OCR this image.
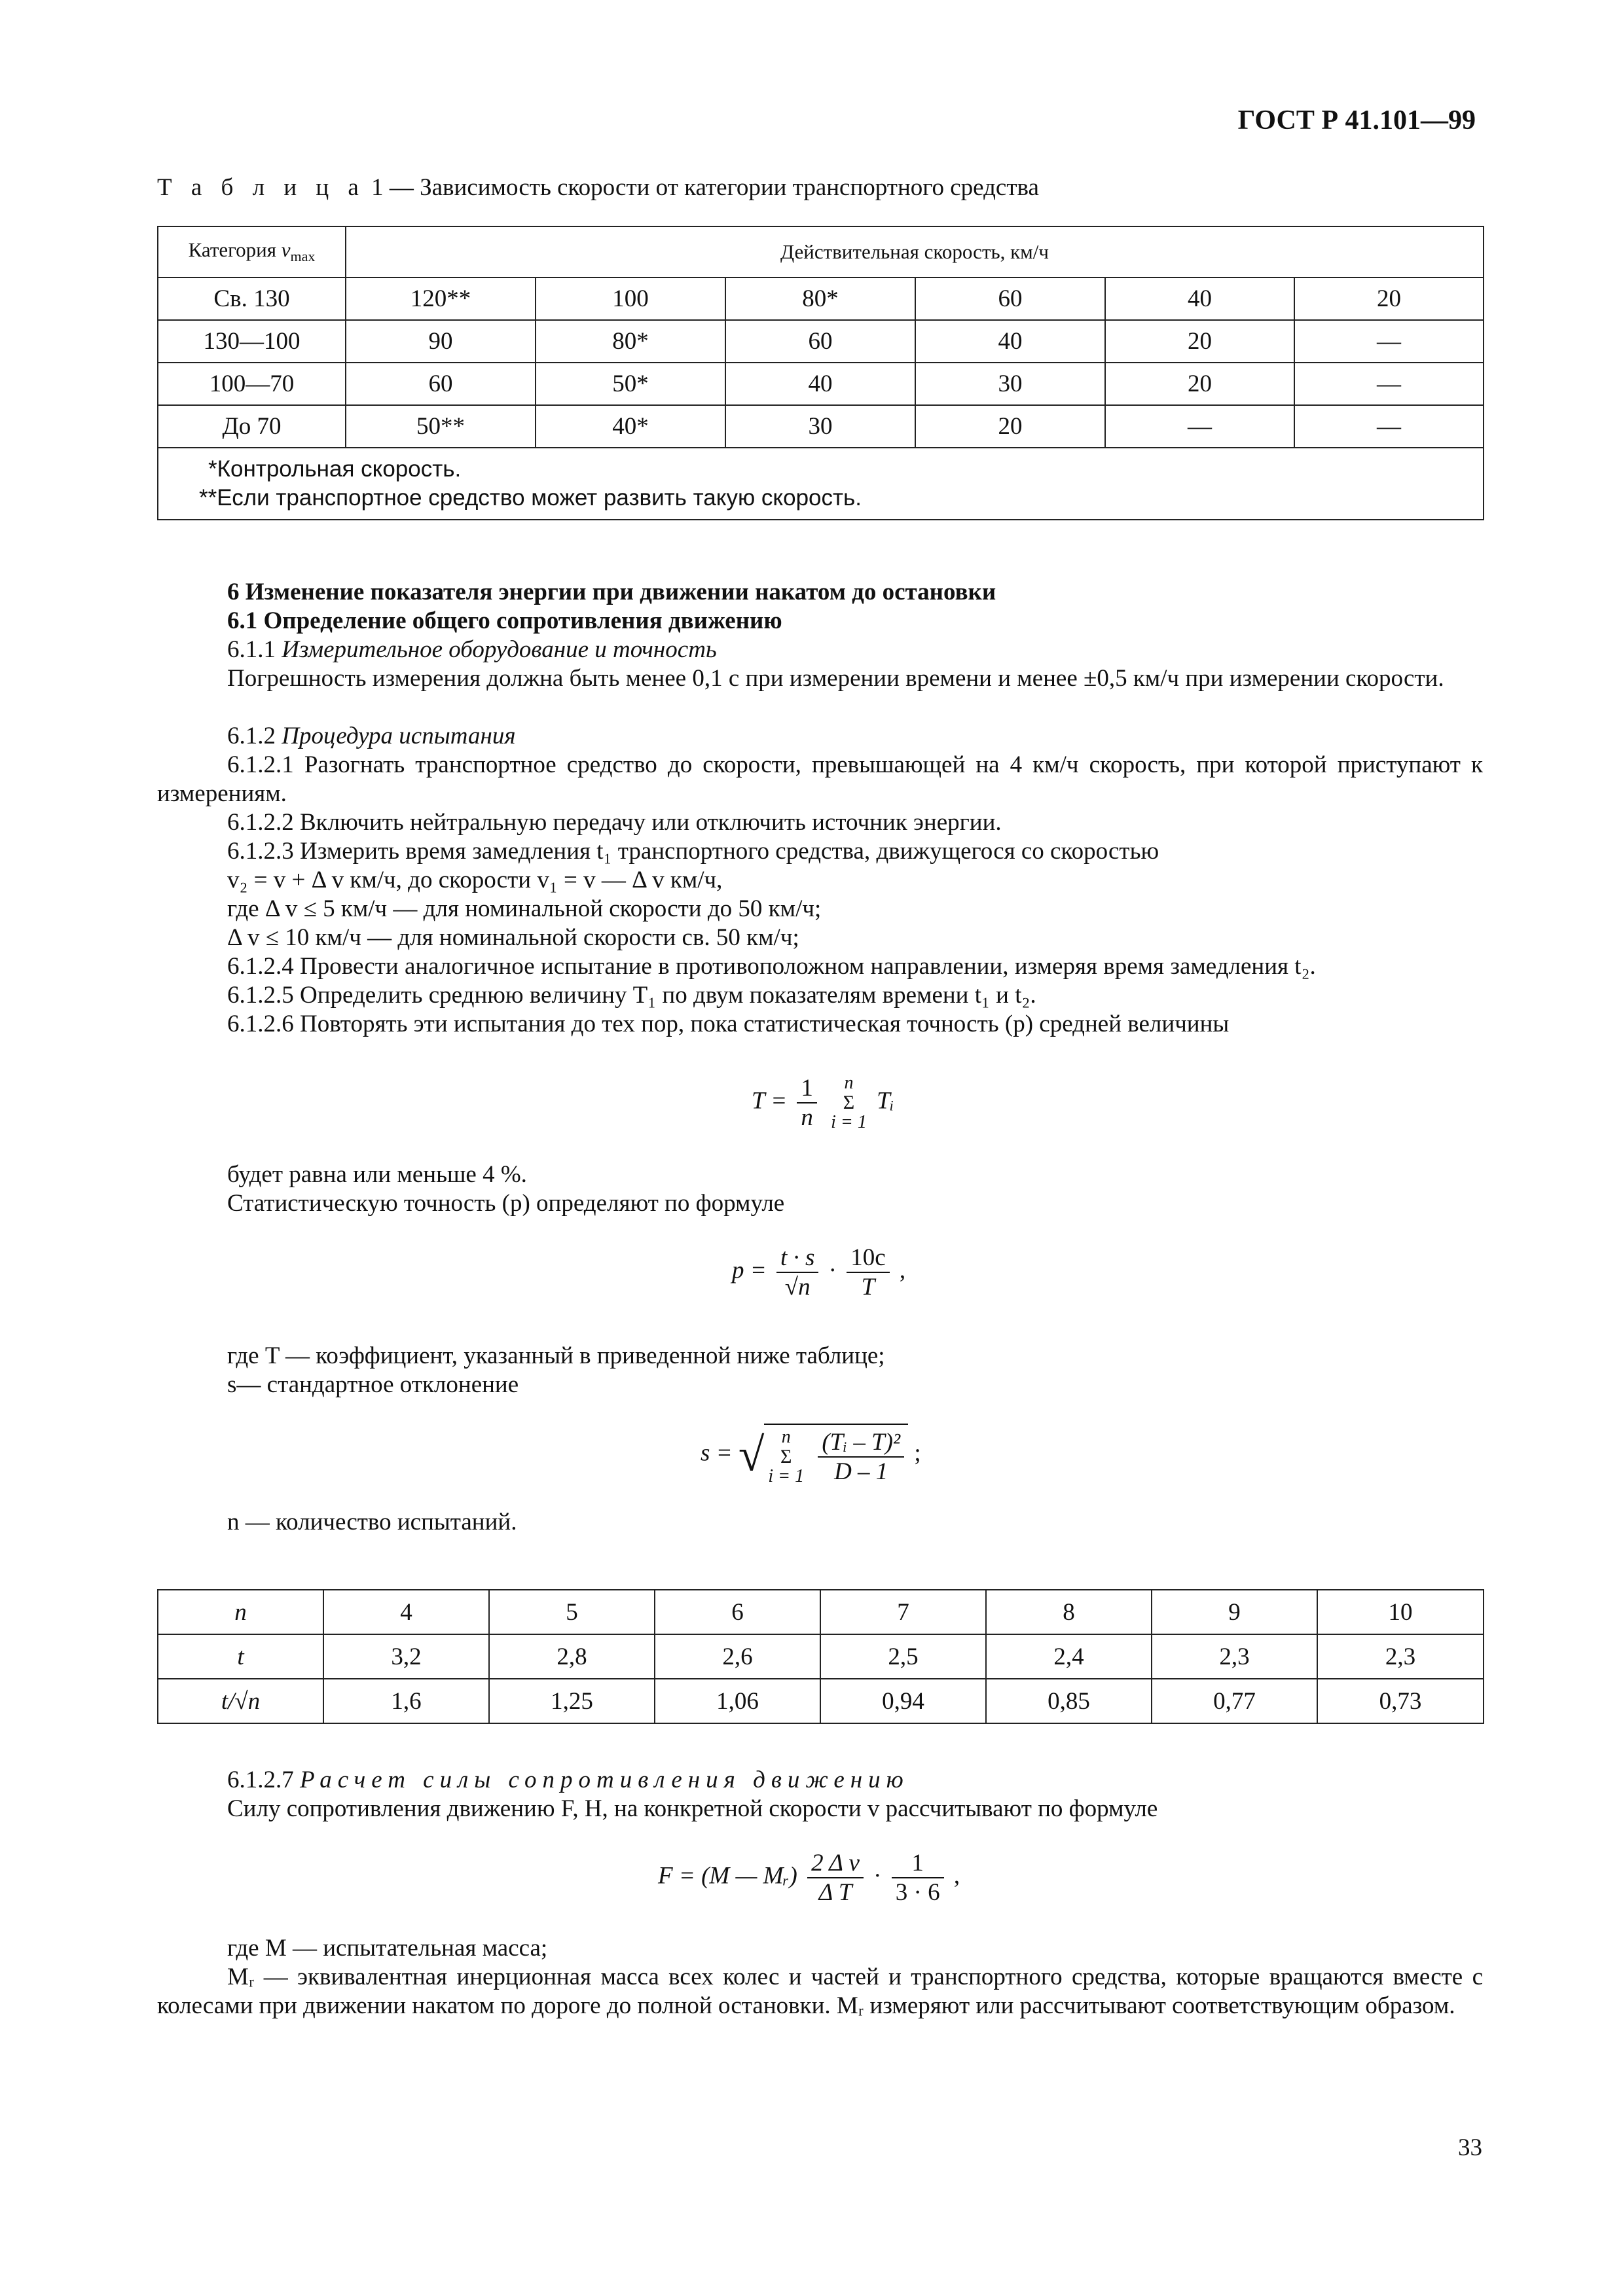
ГОСТ Р 41.101—99
Т а б л и ц а 1 — Зависимость скорости от категории транспортного средства
Категория $v_{max}$	Действительная скорость, км/ч					
Св. 130	120**	100	80*	60	40	20
130—100	90	80*	60	40	20	—
100—70	60	50*	40	30	20	—
До 70	50**	40*	30	20	—	—

*Контрольная скорость.
**Если транспортное средство может развить такую скорость.						
6 Изменение показателя энергии при движении накатом до остановки
6.1 Определение общего сопротивления движению
6.1.1 Измерительное оборудование и точность
Погрешность измерения должна быть менее 0,1 с при измерении времени и менее ±0,5 км/ч при измерении скорости.
6.1.2 Процедура испытания
6.1.2.1 Разогнать транспортное средство до скорости, превышающей на 4 км/ч скорость, при которой приступают к измерениям.
6.1.2.2 Включить нейтральную передачу или отключить источник энергии.
6.1.2.3 Измерить время замедления t₁ транспортного средства, движущегося со скоростью
v₂ = v + Δ v км/ч, до скорости v₁ = v — Δ v км/ч,
где Δ v ≤ 5 км/ч — для номинальной скорости до 50 км/ч;
Δ v ≤ 10 км/ч — для номинальной скорости св. 50 км/ч;
6.1.2.4 Провести аналогичное испытание в противоположном направлении, измеряя время замедления t₂.
6.1.2.5 Определить среднюю величину T₁ по двум показателям времени t₁ и t₂.
6.1.2.6 Повторять эти испытания до тех пор, пока статистическая точность (p) средней величины
$T = \frac{1}{n}$
	n
Σ
i = 1
Tᵢ
будет равна или меньше 4 %.
Статистическую точность (p) определяют по формуле
$p = \frac{t \cdot s}{√n} \cdot \frac{10c}{T}$ ,
где T — коэффициент, указанный в приведенной ниже таблице;
s— стандартное отклонение
s = √ n
Σ
i = 1
$\frac{\text{(Tᵢ – T)²}}{D - 1}$ ;
n — количество испытаний.
n	4	5	6	7	8	9	10
t	3,2	2,8	2,6	2,5	2,4	2,3	2,3
t/√n	1,6	1,25	1,06	0,94	0,85	0,77	0,73
6.1.2.7 Расчет силы сопротивления движению
Силу сопротивления движению F, Н, на конкретной скорости v рассчитывают по формуле
F = (M — Mᵣ) $\frac{\text{2 Δ v}}{\text{Δ T}} \cdot \frac{1}{3 \cdot 6}$ ,
где M — испытательная масса;
Mᵣ — эквивалентная инерционная масса всех колес и частей и транспортного средства, которые вращаются вместе с колесами при движении накатом по дороге до полной остановки. Mᵣ измеряют или рассчитывают соответствующим образом.
33
